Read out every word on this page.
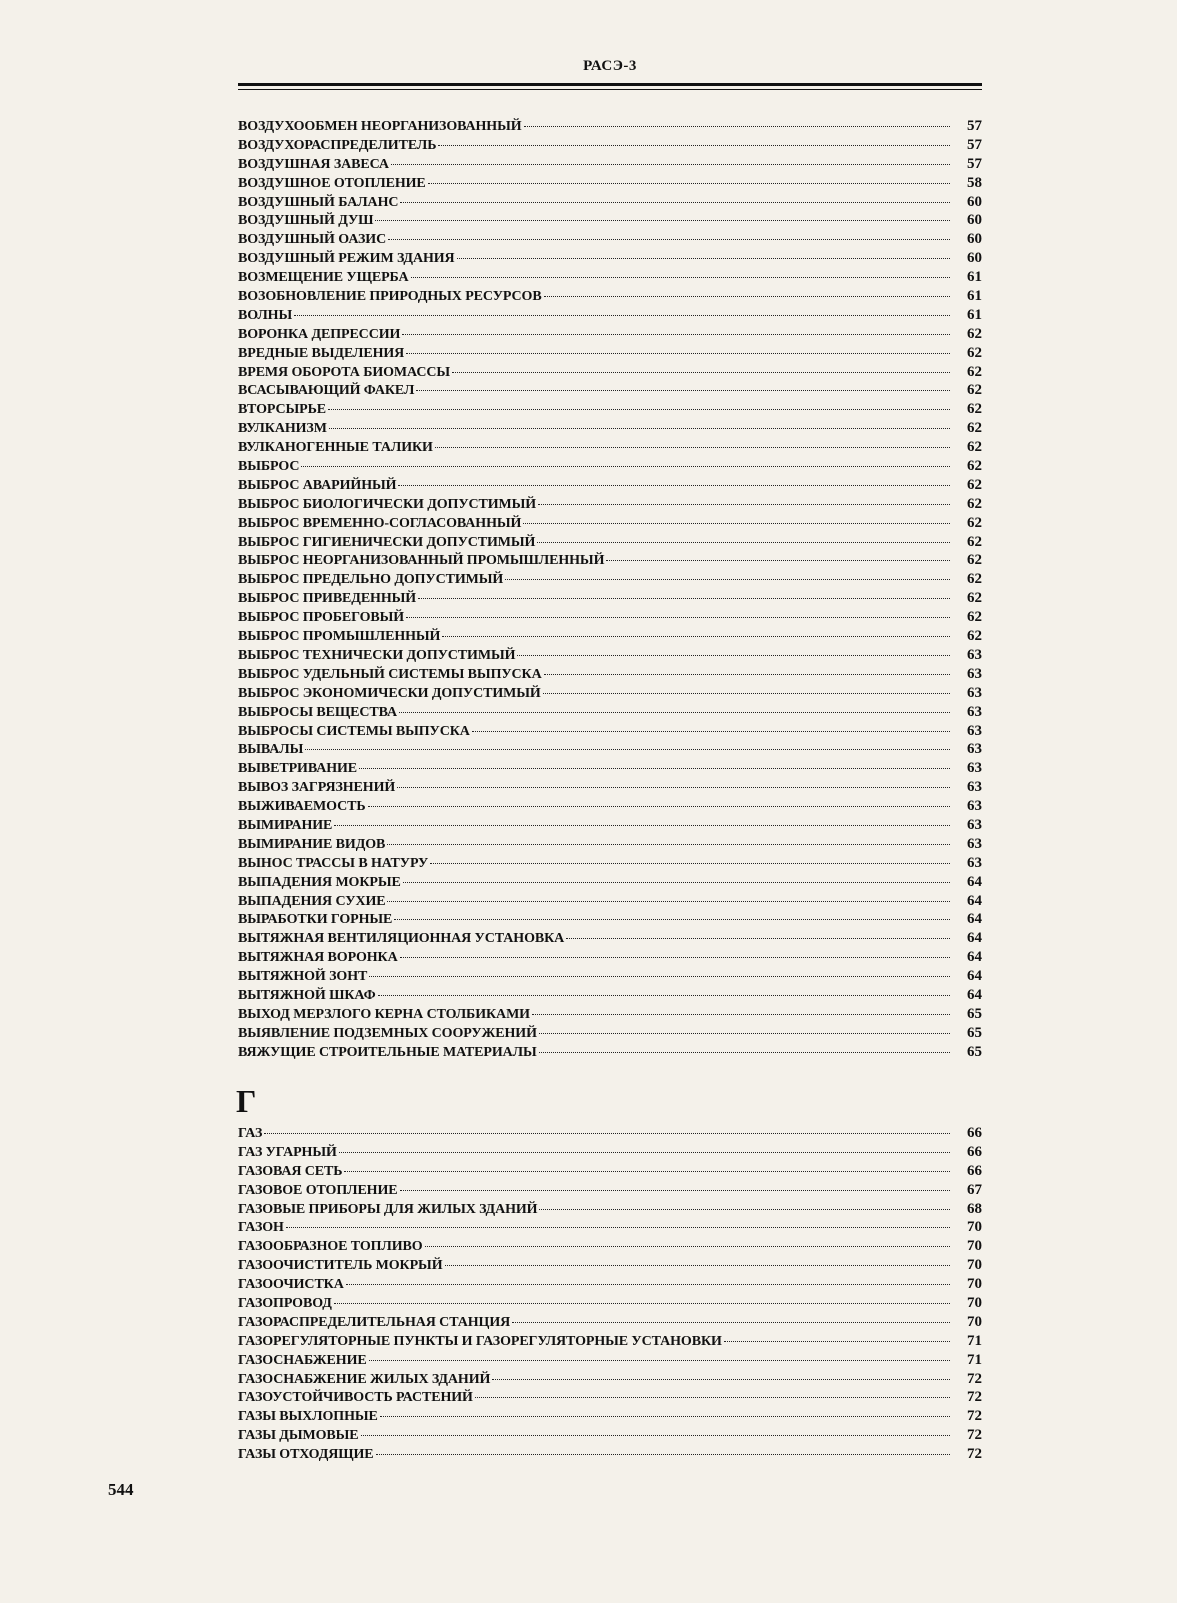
РАСЭ-3
ВОЗДУХООБМЕН НЕОРГАНИЗОВАННЫЙ	57
ВОЗДУХОРАСПРЕДЕЛИТЕЛЬ	57
ВОЗДУШНАЯ ЗАВЕСА	57
ВОЗДУШНОЕ ОТОПЛЕНИЕ	58
ВОЗДУШНЫЙ БАЛАНС	60
ВОЗДУШНЫЙ ДУШ	60
ВОЗДУШНЫЙ ОАЗИС	60
ВОЗДУШНЫЙ РЕЖИМ ЗДАНИЯ	60
ВОЗМЕЩЕНИЕ УЩЕРБА	61
ВОЗОБНОВЛЕНИЕ ПРИРОДНЫХ РЕСУРСОВ	61
ВОЛНЫ	61
ВОРОНКА ДЕПРЕССИИ	62
ВРЕДНЫЕ ВЫДЕЛЕНИЯ	62
ВРЕМЯ ОБОРОТА БИОМАССЫ	62
ВСАСЫВАЮЩИЙ ФАКЕЛ	62
ВТОРСЫРЬЕ	62
ВУЛКАНИЗМ	62
ВУЛКАНОГЕННЫЕ ТАЛИКИ	62
ВЫБРОС	62
ВЫБРОС АВАРИЙНЫЙ	62
ВЫБРОС БИОЛОГИЧЕСКИ ДОПУСТИМЫЙ	62
ВЫБРОС ВРЕМЕННО-СОГЛАСОВАННЫЙ	62
ВЫБРОС ГИГИЕНИЧЕСКИ ДОПУСТИМЫЙ	62
ВЫБРОС НЕОРГАНИЗОВАННЫЙ ПРОМЫШЛЕННЫЙ	62
ВЫБРОС ПРЕДЕЛЬНО ДОПУСТИМЫЙ	62
ВЫБРОС ПРИВЕДЕННЫЙ	62
ВЫБРОС ПРОБЕГОВЫЙ	62
ВЫБРОС ПРОМЫШЛЕННЫЙ	62
ВЫБРОС ТЕХНИЧЕСКИ ДОПУСТИМЫЙ	63
ВЫБРОС УДЕЛЬНЫЙ СИСТЕМЫ ВЫПУСКА	63
ВЫБРОС ЭКОНОМИЧЕСКИ ДОПУСТИМЫЙ	63
ВЫБРОСЫ ВЕЩЕСТВА	63
ВЫБРОСЫ СИСТЕМЫ ВЫПУСКА	63
ВЫВАЛЫ	63
ВЫВЕТРИВАНИЕ	63
ВЫВОЗ ЗАГРЯЗНЕНИЙ	63
ВЫЖИВАЕМОСТЬ	63
ВЫМИРАНИЕ	63
ВЫМИРАНИЕ ВИДОВ	63
ВЫНОС ТРАССЫ В НАТУРУ	63
ВЫПАДЕНИЯ МОКРЫЕ	64
ВЫПАДЕНИЯ СУХИЕ	64
ВЫРАБОТКИ ГОРНЫЕ	64
ВЫТЯЖНАЯ ВЕНТИЛЯЦИОННАЯ УСТАНОВКА	64
ВЫТЯЖНАЯ ВОРОНКА	64
ВЫТЯЖНОЙ ЗОНТ	64
ВЫТЯЖНОЙ ШКАФ	64
ВЫХОД МЕРЗЛОГО КЕРНА СТОЛБИКАМИ	65
ВЫЯВЛЕНИЕ ПОДЗЕМНЫХ СООРУЖЕНИЙ	65
ВЯЖУЩИЕ СТРОИТЕЛЬНЫЕ МАТЕРИАЛЫ	65
Г
ГАЗ	66
ГАЗ УГАРНЫЙ	66
ГАЗОВАЯ СЕТЬ	66
ГАЗОВОЕ ОТОПЛЕНИЕ	67
ГАЗОВЫЕ ПРИБОРЫ ДЛЯ ЖИЛЫХ ЗДАНИЙ	68
ГАЗОН	70
ГАЗООБРАЗНОЕ ТОПЛИВО	70
ГАЗООЧИСТИТЕЛЬ МОКРЫЙ	70
ГАЗООЧИСТКА	70
ГАЗОПРОВОД	70
ГАЗОРАСПРЕДЕЛИТЕЛЬНАЯ СТАНЦИЯ	70
ГАЗОРЕГУЛЯТОРНЫЕ ПУНКТЫ И ГАЗОРЕГУЛЯТОРНЫЕ УСТАНОВКИ	71
ГАЗОСНАБЖЕНИЕ	71
ГАЗОСНАБЖЕНИЕ ЖИЛЫХ ЗДАНИЙ	72
ГАЗОУСТОЙЧИВОСТЬ РАСТЕНИЙ	72
ГАЗЫ ВЫХЛОПНЫЕ	72
ГАЗЫ ДЫМОВЫЕ	72
ГАЗЫ ОТХОДЯЩИЕ	72
544
